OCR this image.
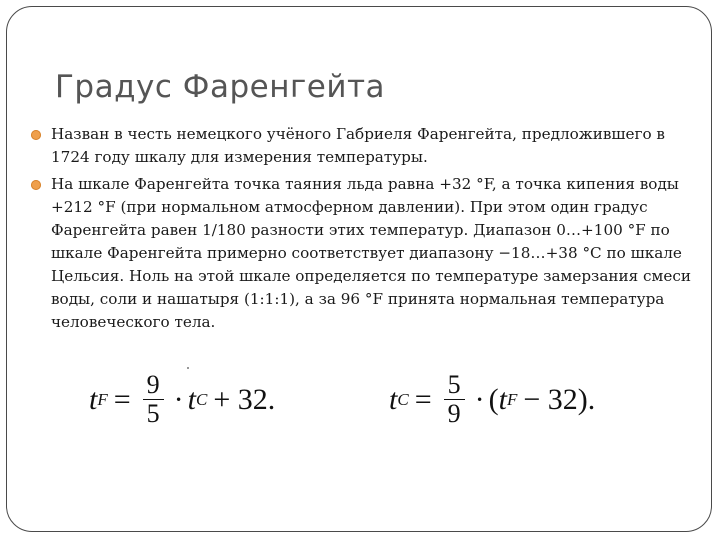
Градус Фаренгейта
Назван в честь немецкого учёного Габриеля Фаренгейта, предложившего в 1724 году шкалу для измерения температуры.
На шкале Фаренгейта точка таяния льда равна +32 °F, а точка кипения воды +212 °F (при нормальном атмосферном давлении). При этом один градус Фаренгейта равен 1/180 разности этих температур. Диапазон 0…+100 °F по шкале Фаренгейта примерно соответствует диапазону −18…+38 °C по шкале Цельсия. Ноль на этой шкале определяется по температуре замерзания смеси воды, соли и нашатыря (1:1:1), а за 96 °F принята нормальная температура человеческого тела.
t $F = \frac{9}{5} \cdot t$ C + 32.	t $C = \frac{5}{9}$ · ( t F − 32).
